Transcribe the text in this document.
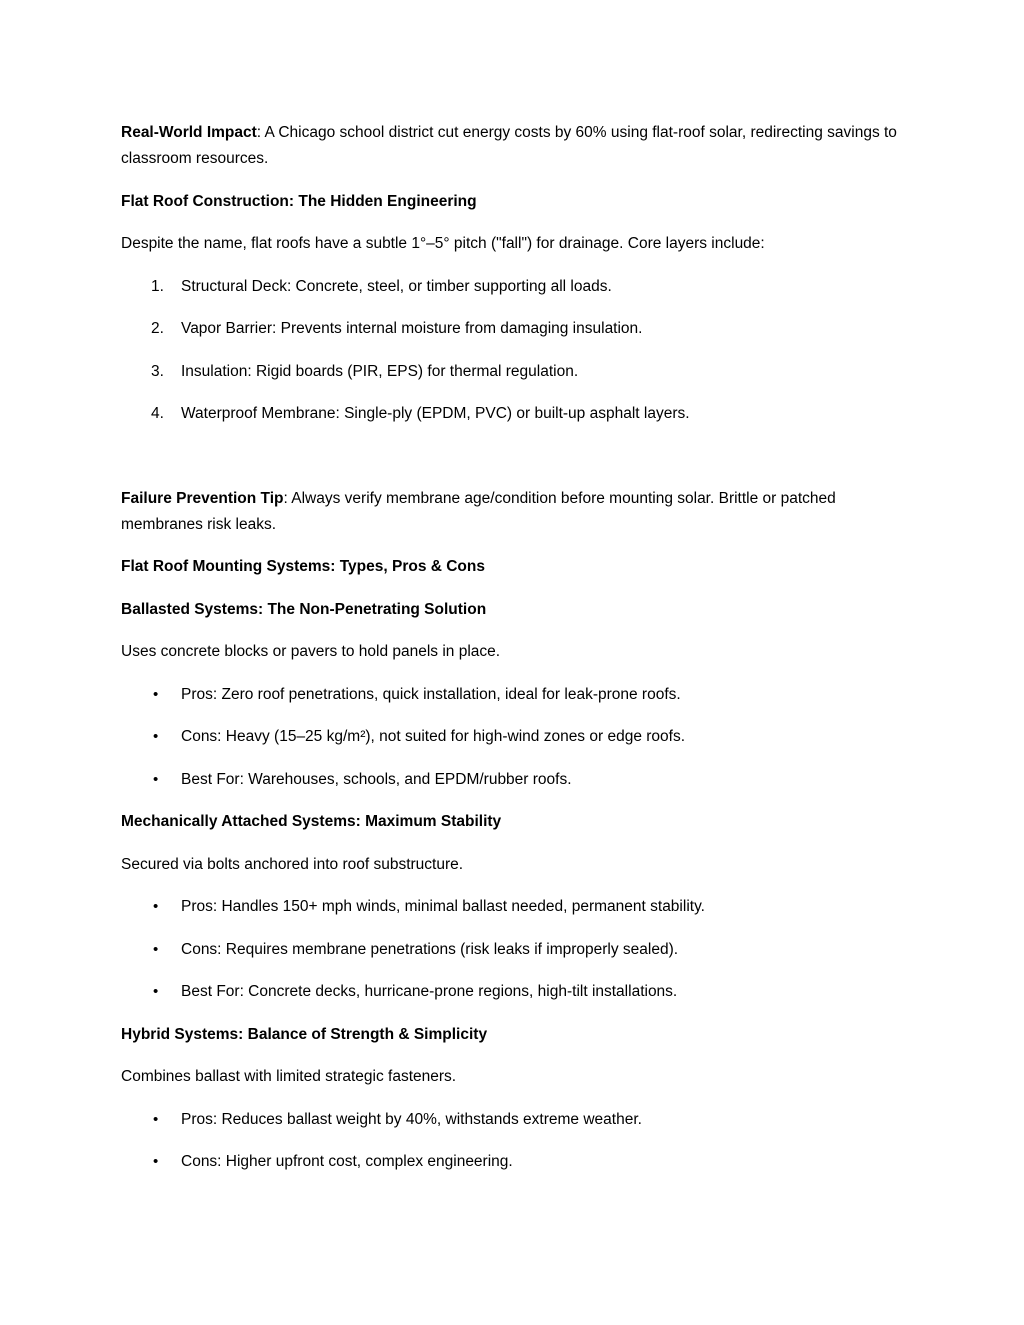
Real-World Impact: A Chicago school district cut energy costs by 60% using flat-roof solar, redirecting savings to classroom resources.

Flat Roof Construction: The Hidden Engineering

Despite the name, flat roofs have a subtle 1°–5° pitch ("fall") for drainage. Core layers include:

1. Structural Deck: Concrete, steel, or timber supporting all loads.
2. Vapor Barrier: Prevents internal moisture from damaging insulation.
3. Insulation: Rigid boards (PIR, EPS) for thermal regulation.
4. Waterproof Membrane: Single-ply (EPDM, PVC) or built-up asphalt layers.

Failure Prevention Tip: Always verify membrane age/condition before mounting solar. Brittle or patched membranes risk leaks.

Flat Roof Mounting Systems: Types, Pros & Cons

Ballasted Systems: The Non-Penetrating Solution

Uses concrete blocks or pavers to hold panels in place.

• Pros: Zero roof penetrations, quick installation, ideal for leak-prone roofs.
• Cons: Heavy (15–25 kg/m²), not suited for high-wind zones or edge roofs.
• Best For: Warehouses, schools, and EPDM/rubber roofs.

Mechanically Attached Systems: Maximum Stability

Secured via bolts anchored into roof substructure.

• Pros: Handles 150+ mph winds, minimal ballast needed, permanent stability.
• Cons: Requires membrane penetrations (risk leaks if improperly sealed).
• Best For: Concrete decks, hurricane-prone regions, high-tilt installations.

Hybrid Systems: Balance of Strength & Simplicity

Combines ballast with limited strategic fasteners.

• Pros: Reduces ballast weight by 40%, withstands extreme weather.
• Cons: Higher upfront cost, complex engineering.
